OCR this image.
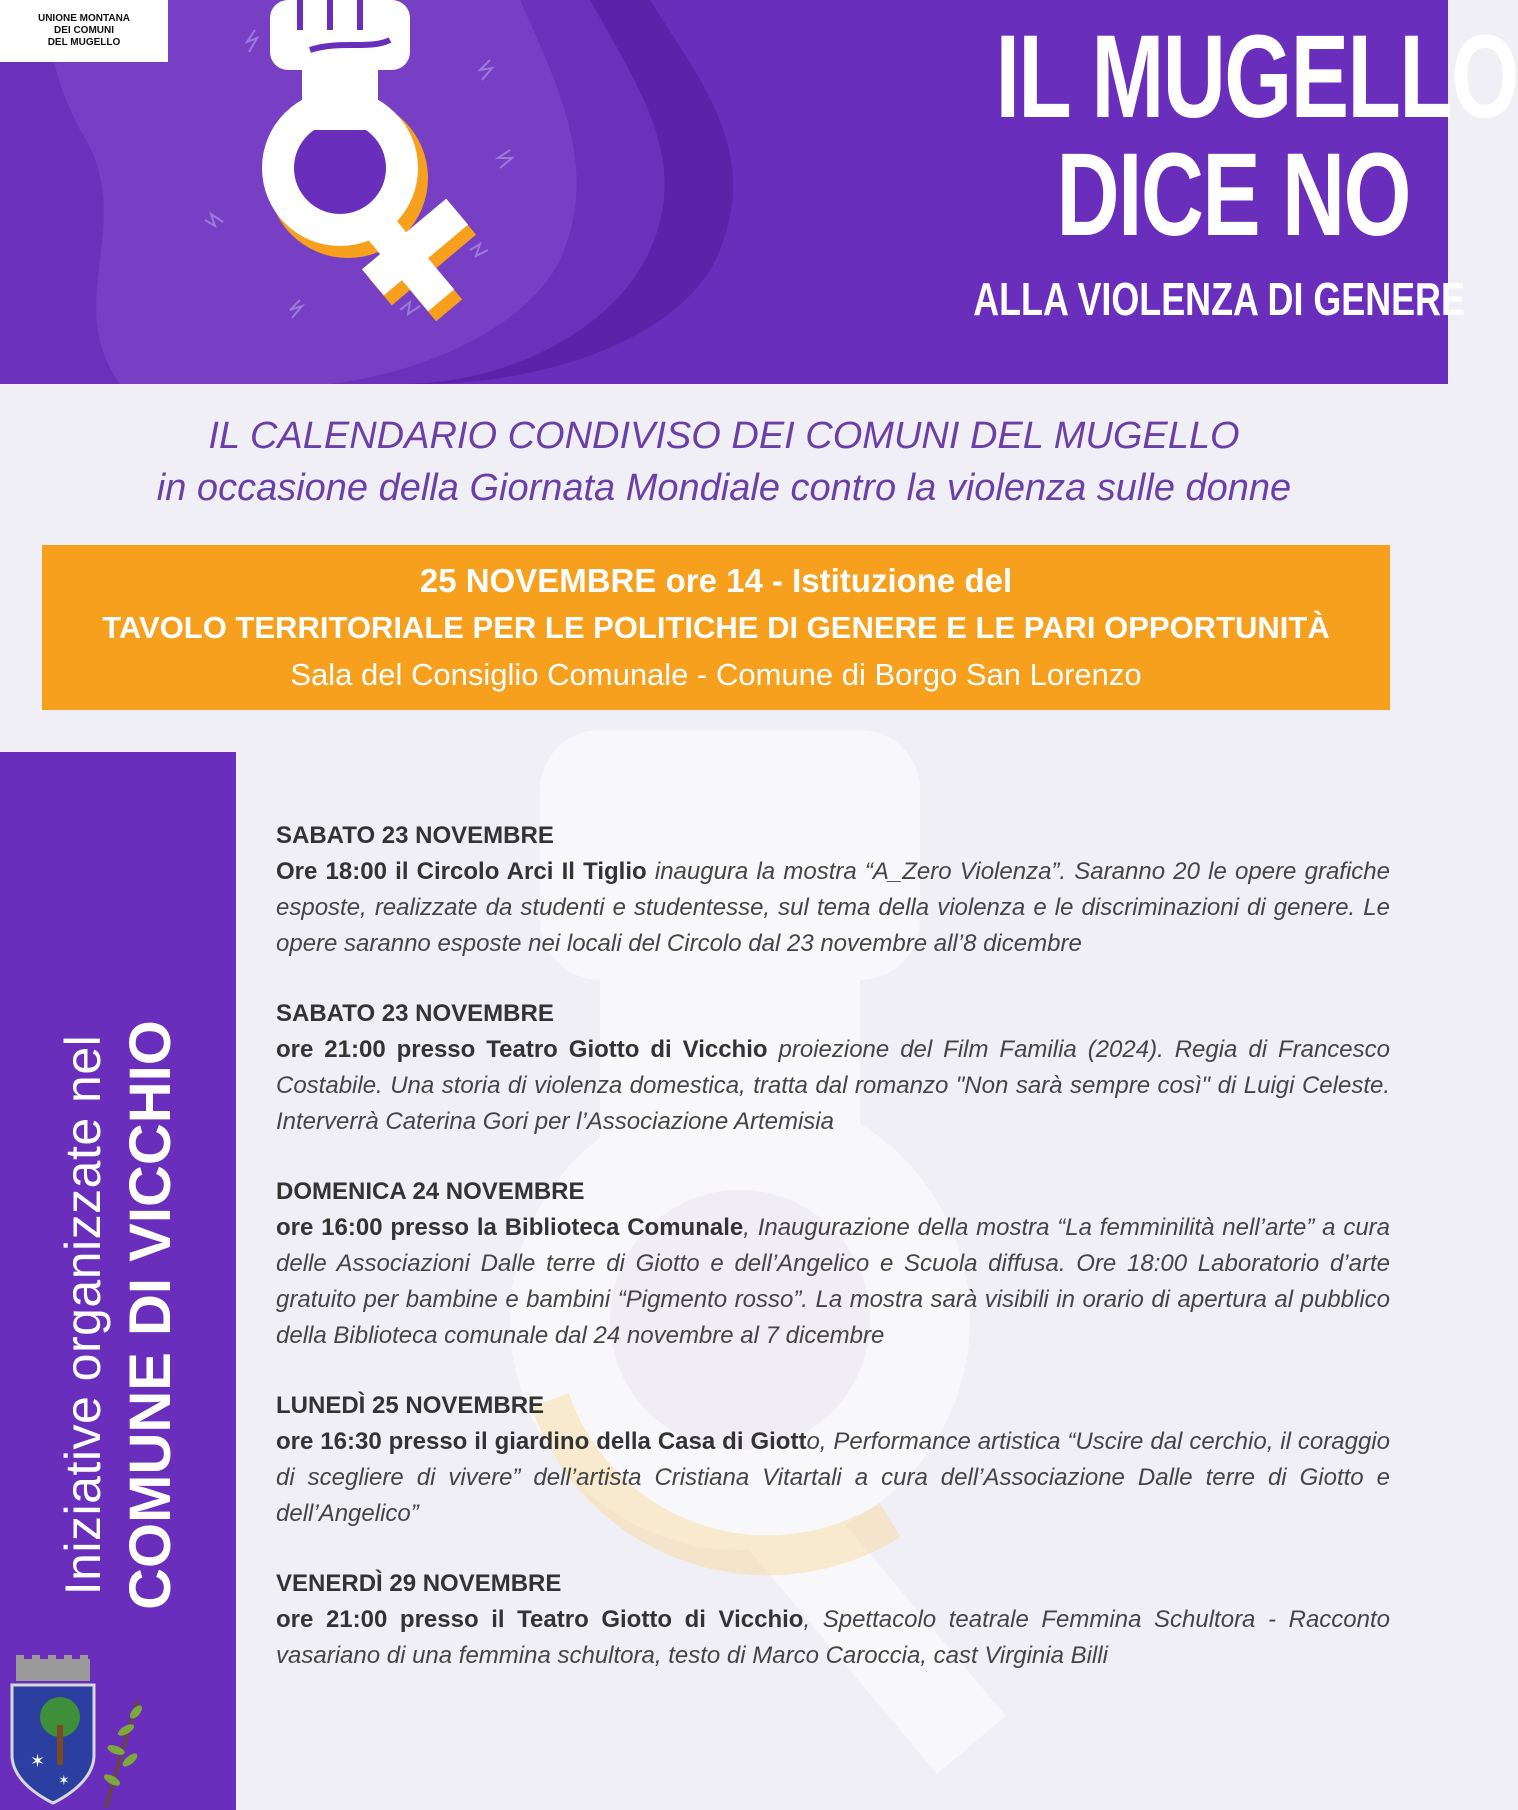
UNIONE MONTANA
DEI COMUNI
DEL MUGELLO	IL MUGELLO
DICE NO
ALLA VIOLENZA DI GENERE
IL CALENDARIO CONDIVISO DEI COMUNI DEL MUGELLO
in occasione della Giornata Mondiale contro la violenza sulle donne
25 NOVEMBRE ore 14 - Istituzione del
TAVOLO TERRITORIALE PER LE POLITICHE DI GENERE E LE PARI OPPORTUNITÀ
Sala del Consiglio Comunale - Comune di Borgo San Lorenzo
Iniziative organizzate nel COMUNE DI VICCHIO
✶
✶
SABATO 23 NOVEMBRE
Ore 18:00 il Circolo Arci Il Tiglio inaugura la mostra “A_Zero Violenza”. Saranno 20 le opere grafiche esposte, realizzate da studenti e studentesse, sul tema della violenza e le discriminazioni di genere. Le opere saranno esposte nei locali del Circolo dal 23 novembre all’8 dicembre
SABATO 23 NOVEMBRE
ore 21:00 presso Teatro Giotto di Vicchio proiezione del Film Familia (2024). Regia di Francesco Costabile. Una storia di violenza domestica, tratta dal romanzo "Non sarà sempre così" di Luigi Celeste. Interverrà Caterina Gori per l’Associazione Artemisia
DOMENICA 24 NOVEMBRE
ore 16:00 presso la Biblioteca Comunale, Inaugurazione della mostra “La femminilità nell’arte” a cura delle Associazioni Dalle terre di Giotto e dell’Angelico e Scuola diffusa. Ore 18:00 Laboratorio d’arte gratuito per bambine e bambini “Pigmento rosso”. La mostra sarà visibili in orario di apertura al pubblico della Biblioteca comunale dal 24 novembre al 7 dicembre
LUNEDÌ 25 NOVEMBRE
ore 16:30 presso il giardino della Casa di Giotto, Performance artistica “Uscire dal cerchio, il coraggio di scegliere di vivere” dell’artista Cristiana Vitartali a cura dell’Associazione Dalle terre di Giotto e dell’Angelico”
VENERDÌ 29 NOVEMBRE
ore 21:00 presso il Teatro Giotto di Vicchio, Spettacolo teatrale Femmina Schultora - Racconto vasariano di una femmina schultora, testo di Marco Caroccia, cast Virginia Billi
